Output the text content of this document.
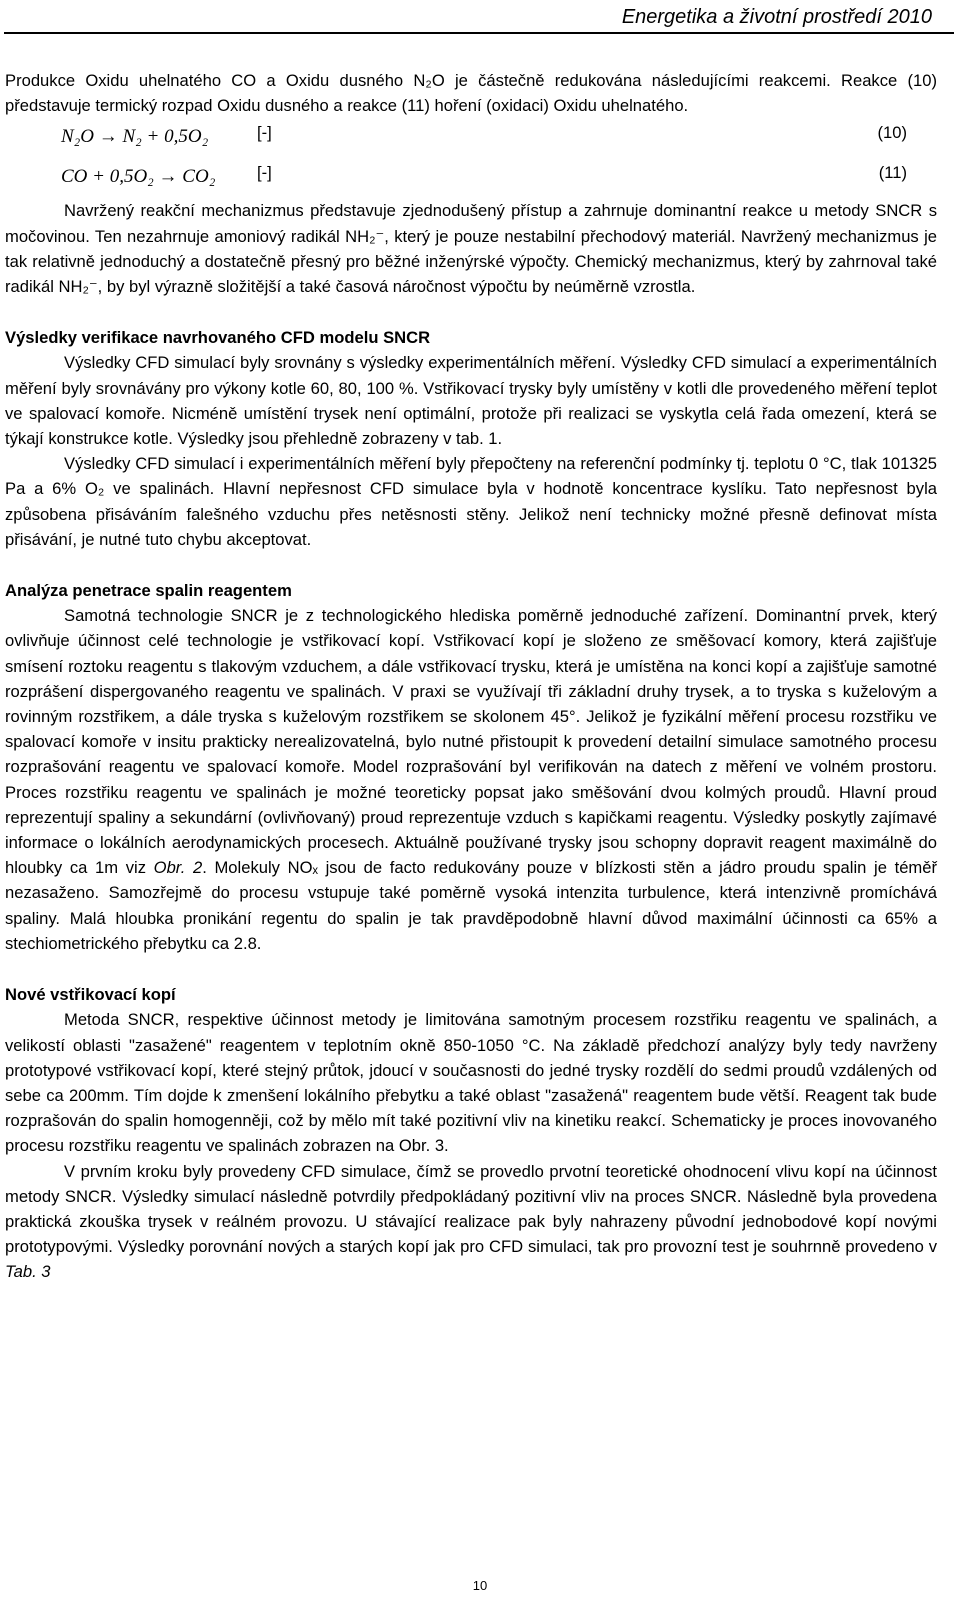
Energetika a životní prostředí 2010

Produkce Oxidu uhelnatého CO a Oxidu dusného N₂O je částečně redukována následujícími reakcemi. Reakce (10) představuje termický rozpad Oxidu dusného a reakce (11) hoření (oxidaci) Oxidu uhelnatého.

N₂O → N₂ + 0,5O₂	[-]	(10)
CO + 0,5O₂ → CO₂	[-]	(11)

Navržený reakční mechanizmus představuje zjednodušený přístup a zahrnuje dominantní reakce u metody SNCR s močovinou. Ten nezahrnuje amoniový radikál NH₂⁻, který je pouze nestabilní přechodový materiál. Navržený mechanizmus je tak relativně jednoduchý a dostatečně přesný pro běžné inženýrské výpočty. Chemický mechanizmus, který by zahrnoval také radikál NH₂⁻, by byl výrazně složitější a také časová náročnost výpočtu by neúměrně vzrostla.

Výsledky verifikace navrhovaného CFD modelu SNCR

Výsledky CFD simulací byly srovnány s výsledky experimentálních měření. Výsledky CFD simulací a experimentálních měření byly srovnávány pro výkony kotle 60, 80, 100 %. Vstřikovací trysky byly umístěny v kotli dle provedeného měření teplot ve spalovací komoře. Nicméně umístění trysek není optimální, protože při realizaci se vyskytla celá řada omezení, která se týkají konstrukce kotle. Výsledky jsou přehledně zobrazeny v tab. 1.

Výsledky CFD simulací i experimentálních měření byly přepočteny na referenční podmínky tj. teplotu 0 °C, tlak 101325 Pa a 6% O₂ ve spalinách. Hlavní nepřesnost CFD simulace byla v hodnotě koncentrace kyslíku. Tato nepřesnost byla způsobena přisáváním falešného vzduchu přes netěsnosti stěny. Jelikož není technicky možné přesně definovat místa přisávání, je nutné tuto chybu akceptovat.

Analýza penetrace spalin reagentem

Samotná technologie SNCR je z technologického hlediska poměrně jednoduché zařízení. Dominantní prvek, který ovlivňuje účinnost celé technologie je vstřikovací kopí. Vstřikovací kopí je složeno ze směšovací komory, která zajišťuje smísení roztoku reagentu s tlakovým vzduchem, a dále vstřikovací trysku, která je umístěna na konci kopí a zajišťuje samotné rozprášení dispergovaného reagentu ve spalinách. V praxi se využívají tři základní druhy trysek, a to tryska s kuželovým a rovinným rozstřikem, a dále tryska s kuželovým rozstřikem se skolonem 45°. Jelikož je fyzikální měření procesu rozstřiku ve spalovací komoře v insitu prakticky nerealizovatelná, bylo nutné přistoupit k provedení detailní simulace samotného procesu rozprašování reagentu ve spalovací komoře. Model rozprašování byl verifikován na datech z měření ve volném prostoru. Proces rozstřiku reagentu ve spalinách je možné teoreticky popsat jako směšování dvou kolmých proudů. Hlavní proud reprezentují spaliny a sekundární (ovlivňovaný) proud reprezentuje vzduch s kapičkami reagentu. Výsledky poskytly zajímavé informace o lokálních aerodynamických procesech. Aktuálně používané trysky jsou schopny dopravit reagent maximálně do hloubky ca 1m viz Obr. 2. Molekuly NOₓ jsou de facto redukovány pouze v blízkosti stěn a jádro proudu spalin je téměř nezasaženo. Samozřejmě do procesu vstupuje také poměrně vysoká intenzita turbulence, která intenzivně promíchává spaliny. Malá hloubka pronikání regentu do spalin je tak pravděpodobně hlavní důvod maximální účinnosti ca 65% a stechiometrického přebytku ca 2.8.

Nové vstřikovací kopí

Metoda SNCR, respektive účinnost metody je limitována samotným procesem rozstřiku reagentu ve spalinách, a velikostí oblasti "zasažené" reagentem v teplotním okně 850-1050 °C. Na základě předchozí analýzy byly tedy navrženy prototypové vstřikovací kopí, které stejný průtok, jdoucí v současnosti do jedné trysky rozdělí do sedmi proudů vzdálených od sebe ca 200mm. Tím dojde k zmenšení lokálního přebytku a také oblast "zasažená" reagentem bude větší. Reagent tak bude rozprašován do spalin homogenněji, což by mělo mít také pozitivní vliv na kinetiku reakcí. Schematicky je proces inovovaného procesu rozstřiku reagentu ve spalinách zobrazen na Obr. 3.

V prvním kroku byly provedeny CFD simulace, čímž se provedlo prvotní teoretické ohodnocení vlivu kopí na účinnost metody SNCR. Výsledky simulací následně potvrdily předpokládaný pozitivní vliv na proces SNCR. Následně byla provedena praktická zkouška trysek v reálném provozu. U stávající realizace pak byly nahrazeny původní jednobodové kopí novými prototypovými. Výsledky porovnání nových a starých kopí jak pro CFD simulaci, tak pro provozní test je souhrnně provedeno v Tab. 3

10
